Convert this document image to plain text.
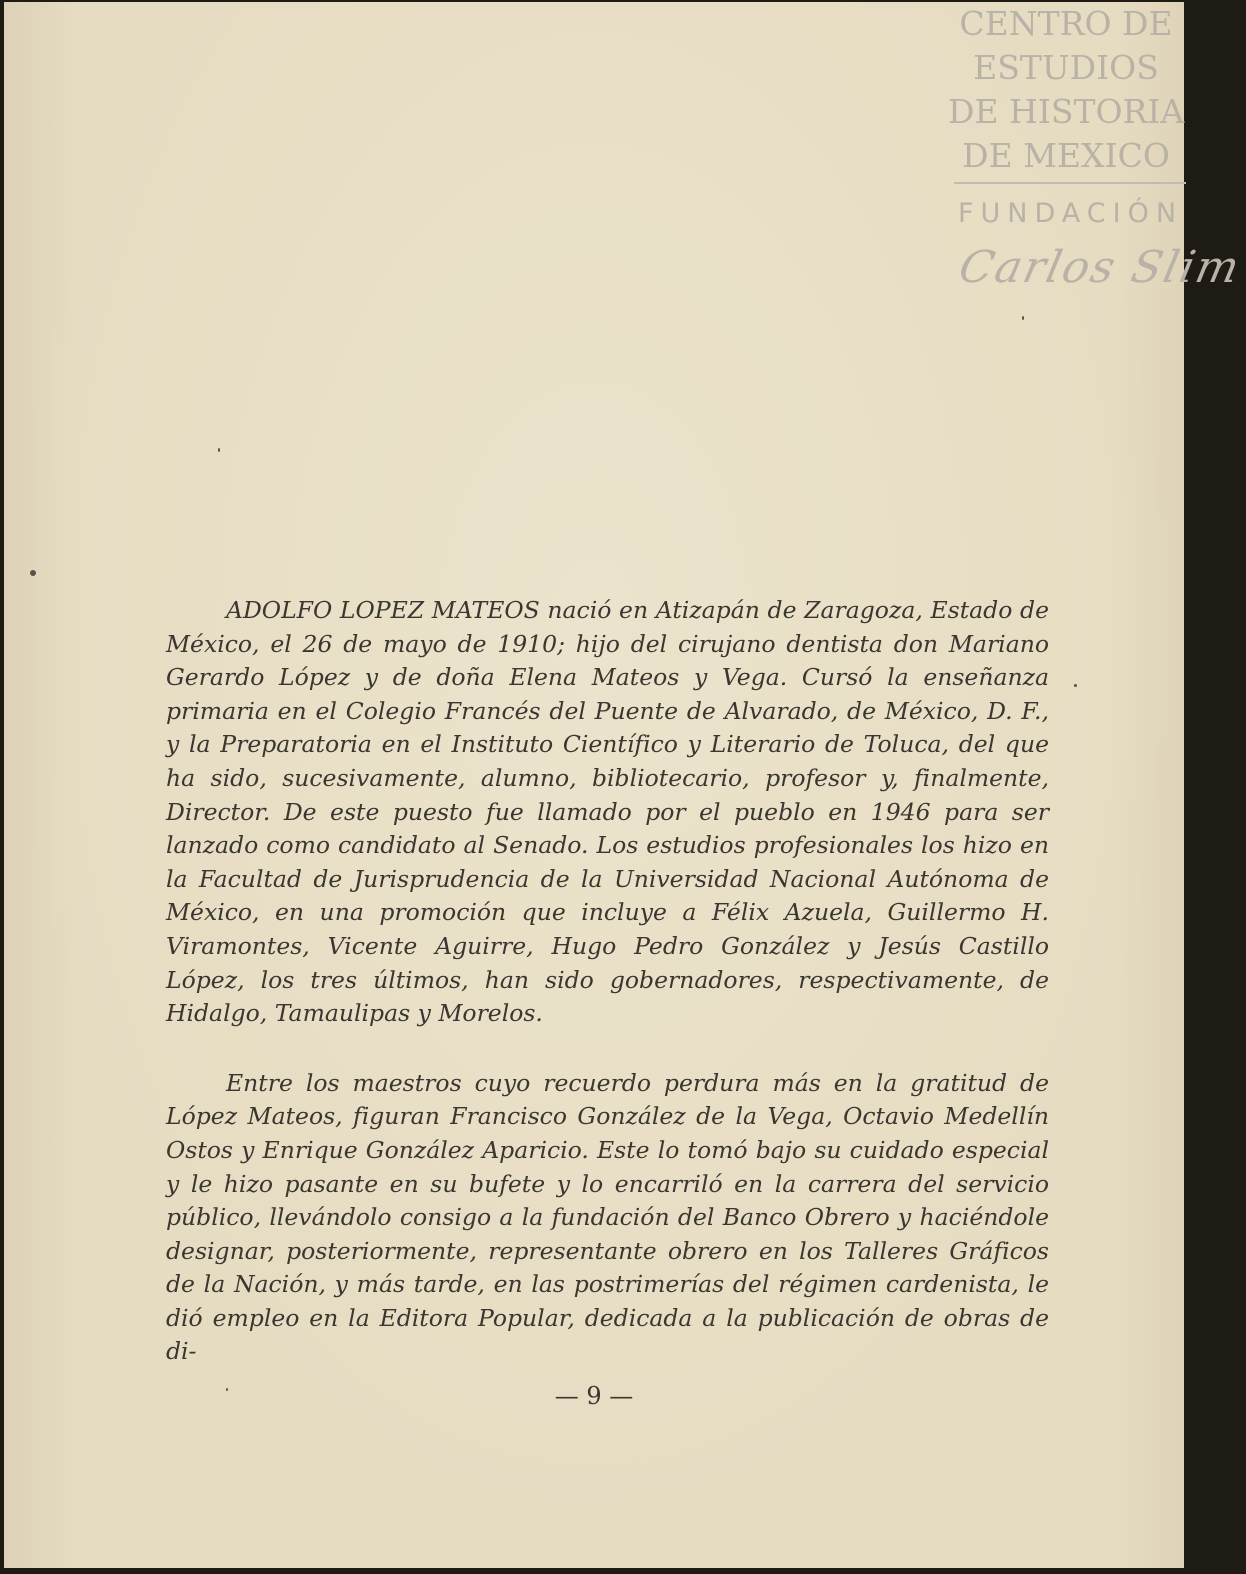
CENTRO DE
ESTUDIOS
DE HISTORIA
DE MEXICO
FUNDACIÓN
Carlos Slim

ADOLFO LOPEZ MATEOS nació en Atizapán de Zaragoza, Estado de México, el 26 de mayo de 1910; hijo del cirujano dentista don Mariano Gerardo López y de doña Elena Mateos y Vega. Cursó la enseñanza primaria en el Colegio Francés del Puente de Alvarado, de México, D. F., y la Preparatoria en el Instituto Científico y Literario de Toluca, del que ha sido, sucesivamente, alumno, bibliotecario, profesor y, finalmente, Director. De este puesto fue llamado por el pueblo en 1946 para ser lanzado como candidato al Senado. Los estudios profesionales los hizo en la Facultad de Jurisprudencia de la Universidad Nacional Autónoma de México, en una promoción que incluye a Félix Azuela, Guillermo H. Viramontes, Vicente Aguirre, Hugo Pedro González y Jesús Castillo López, los tres últimos, han sido gobernadores, respectivamente, de Hidalgo, Tamaulipas y Morelos.

Entre los maestros cuyo recuerdo perdura más en la gratitud de López Mateos, figuran Francisco González de la Vega, Octavio Medellín Ostos y Enrique González Aparicio. Este lo tomó bajo su cuidado especial y le hizo pasante en su bufete y lo encarriló en la carrera del servicio público, llevándolo consigo a la fundación del Banco Obrero y haciéndole designar, posteriormente, representante obrero en los Talleres Gráficos de la Nación, y más tarde, en las postrimerías del régimen cardenista, le dió empleo en la Editora Popular, dedicada a la publicación de obras de di-

— 9 —
